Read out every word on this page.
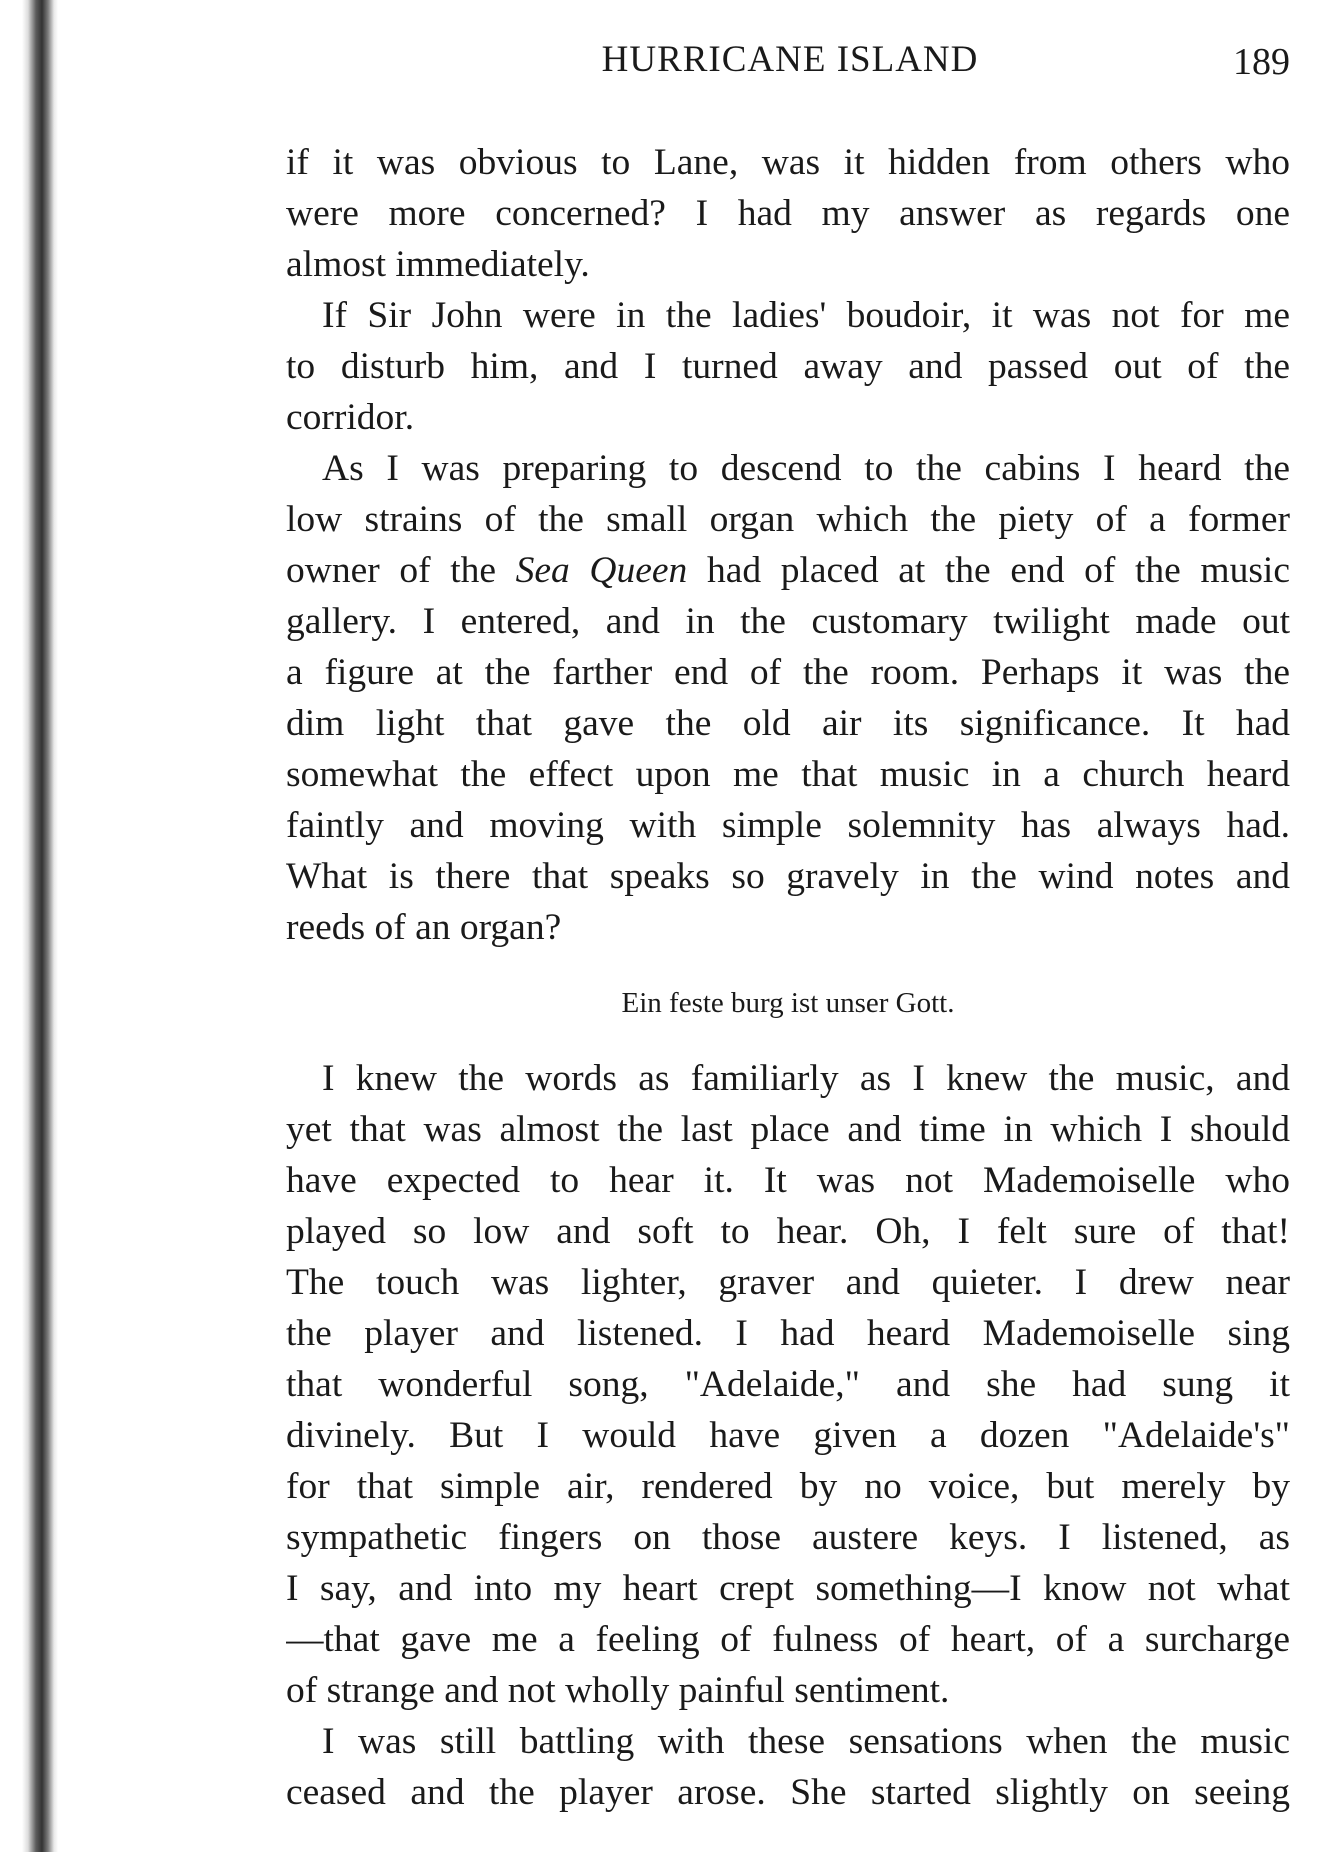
HURRICANE ISLAND	189
if it was obvious to Lane, was it hidden from others who
were more concerned? I had my answer as regards one
almost immediately.
If Sir John were in the ladies' boudoir, it was not for me
to disturb him, and I turned away and passed out of the
corridor.
As I was preparing to descend to the cabins I heard the
low strains of the small organ which the piety of a former
owner of the Sea Queen had placed at the end of the music
gallery. I entered, and in the customary twilight made out
a figure at the farther end of the room. Perhaps it was the
dim light that gave the old air its significance. It had
somewhat the effect upon me that music in a church heard
faintly and moving with simple solemnity has always had.
What is there that speaks so gravely in the wind notes and
reeds of an organ?
Ein feste burg ist unser Gott.
I knew the words as familiarly as I knew the music, and
yet that was almost the last place and time in which I should
have expected to hear it. It was not Mademoiselle who
played so low and soft to hear. Oh, I felt sure of that!
The touch was lighter, graver and quieter. I drew near
the player and listened. I had heard Mademoiselle sing
that wonderful song, "Adelaide," and she had sung it
divinely. But I would have given a dozen "Adelaide's"
for that simple air, rendered by no voice, but merely by
sympathetic fingers on those austere keys. I listened, as
I say, and into my heart crept something—I know not what
—that gave me a feeling of fulness of heart, of a surcharge
of strange and not wholly painful sentiment.
I was still battling with these sensations when the music
ceased and the player arose. She started slightly on seeing
